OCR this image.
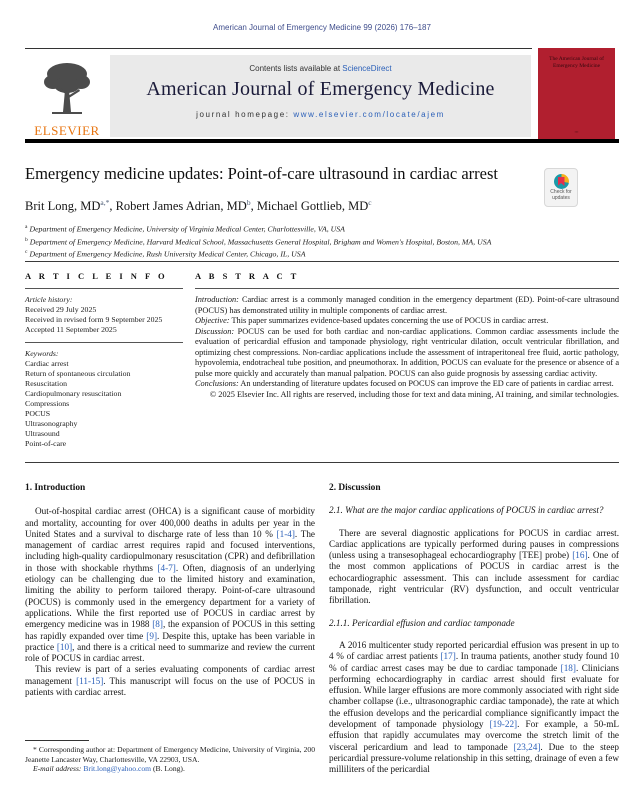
American Journal of Emergency Medicine 99 (2026) 176–187
ELSEVIER
Contents lists available at ScienceDirect
American Journal of Emergency Medicine
journal homepage: www.elsevier.com/locate/ajem
The American Journal of Emergency Medicine
▪▪▪
Emergency medicine updates: Point-of-care ultrasound in cardiac arrest
Check for updates
Brit Long, $MD^{a,*}$, Robert James Adrian, $MD^b$, Michael Gottlieb, $MD^c$
$^a$ Department of Emergency Medicine, University of Virginia Medical Center, Charlottesville, VA, USA
$^b$ Department of Emergency Medicine, Harvard Medical School, Massachusetts General Hospital, Brigham and Women's Hospital, Boston, MA, USA
$^c$ Department of Emergency Medicine, Rush University Medical Center, Chicago, IL, USA
A R T I C L E I N F O
Article history:
Received 29 July 2025
Received in revised form 9 September 2025
Accepted 11 September 2025
Keywords:
Cardiac arrest
Return of spontaneous circulation
Resuscitation
Cardiopulmonary resuscitation
Compressions
POCUS
Ultrasonography
Ultrasound
Point-of-care
A B S T R A C T
Introduction: Cardiac arrest is a commonly managed condition in the emergency department (ED). Point-of-care ultrasound (POCUS) has demonstrated utility in multiple components of cardiac arrest.
Objective: This paper summarizes evidence-based updates concerning the use of POCUS in cardiac arrest.
Discussion: POCUS can be used for both cardiac and non-cardiac applications. Common cardiac assessments include the evaluation of pericardial effusion and tamponade physiology, right ventricular dilation, occult ventricular fibrillation, and optimizing chest compressions. Non-cardiac applications include the assessment of intraperitoneal free fluid, aortic pathology, hypovolemia, endotracheal tube position, and pneumothorax. In addition, POCUS can evaluate for the presence or absence of a pulse more quickly and accurately than manual palpation. POCUS can also guide prognosis by assessing cardiac activity.
Conclusions: An understanding of literature updates focused on POCUS can improve the ED care of patients in cardiac arrest.
© 2025 Elsevier Inc. All rights are reserved, including those for text and data mining, AI training, and similar technologies.
1. Introduction

Out-of-hospital cardiac arrest (OHCA) is a significant cause of morbidity and mortality, accounting for over 400,000 deaths in adults per year in the United States and a survival to discharge rate of less than 10 % [1-4]. The management of cardiac arrest requires rapid and focused interventions, including high-quality cardiopulmonary resuscitation (CPR) and defibrillation in those with shockable rhythms [4-7]. Often, diagnosis of an underlying etiology can be challenging due to the limited history and examination, limiting the ability to perform tailored therapy. Point-of-care ultrasound (POCUS) is commonly used in the emergency department for a variety of applications. While the first reported use of POCUS in cardiac arrest by emergency medicine was in 1988 [8], the expansion of POCUS in this setting has rapidly expanded over time [9]. Despite this, uptake has been variable in practice [10], and there is a critical need to summarize and review the current role of POCUS in cardiac arrest.

This review is part of a series evaluating components of cardiac arrest management [11-15]. This manuscript will focus on the use of POCUS in patients with cardiac arrest.

2. Discussion
2.1. What are the major cardiac applications of POCUS in cardiac arrest?

There are several diagnostic applications for POCUS in cardiac arrest. Cardiac applications are typically performed during pauses in compressions (unless using a transesophageal echocardiography [TEE] probe) [16]. One of the most common applications of POCUS in cardiac arrest is the echocardiographic assessment. This can include assessment for cardiac tamponade, right ventricular (RV) dysfunction, and occult ventricular fibrillation.

2.1.1. Pericardial effusion and cardiac tamponade

A 2016 multicenter study reported pericardial effusion was present in up to 4 % of cardiac arrest patients [17]. In trauma patients, another study found 10 % of cardiac arrest cases may be due to cardiac tamponade [18]. Clinicians performing echocardiography in cardiac arrest should first evaluate for effusion. While larger effusions are more commonly associated with right side chamber collapse (i.e., ultrasonographic cardiac tamponade), the rate at which the effusion develops and the pericardial compliance significantly impact the development of tamponade physiology [19-22]. For example, a 50-mL effusion that rapidly accumulates may overcome the stretch limit of the visceral pericardium and lead to tamponade [23,24]. Due to the steep pericardial pressure-volume relationship in this setting, drainage of even a few milliliters of the pericardial

* Corresponding author at: Department of Emergency Medicine, University of Virginia, 200 Jeanette Lancaster Way, Charlottesville, VA 22903, USA.

E-mail address: Brit.long@yahoo.com (B. Long).
